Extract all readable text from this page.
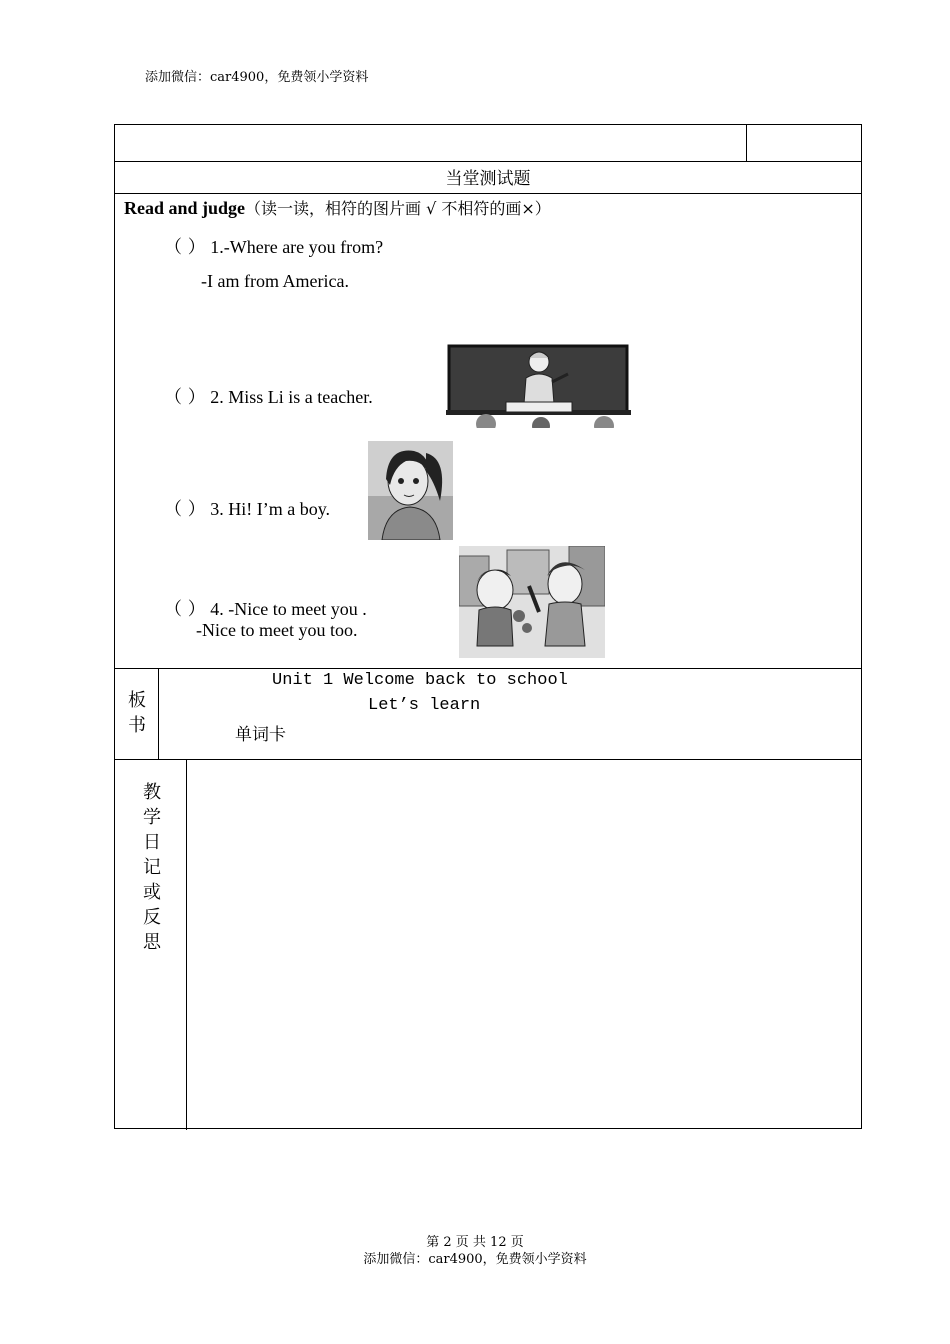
添加微信：car4900，免费领小学资料
当堂测试题
Read and judge（读一读，相符的图片画 √ 不相符的画×）
（ ） 1.-Where are you from?
-I am from America.
（ ） 2. Miss Li is a teacher.
（ ） 3. Hi! I’m a boy.
（ ） 4. -Nice to meet you .
-Nice to meet you too.
板
书
Unit 1 Welcome back to school
Let’s learn
单词卡
教
学
日
记
或
反
思
第 2 页 共 12 页
添加微信：car4900，免费领小学资料
